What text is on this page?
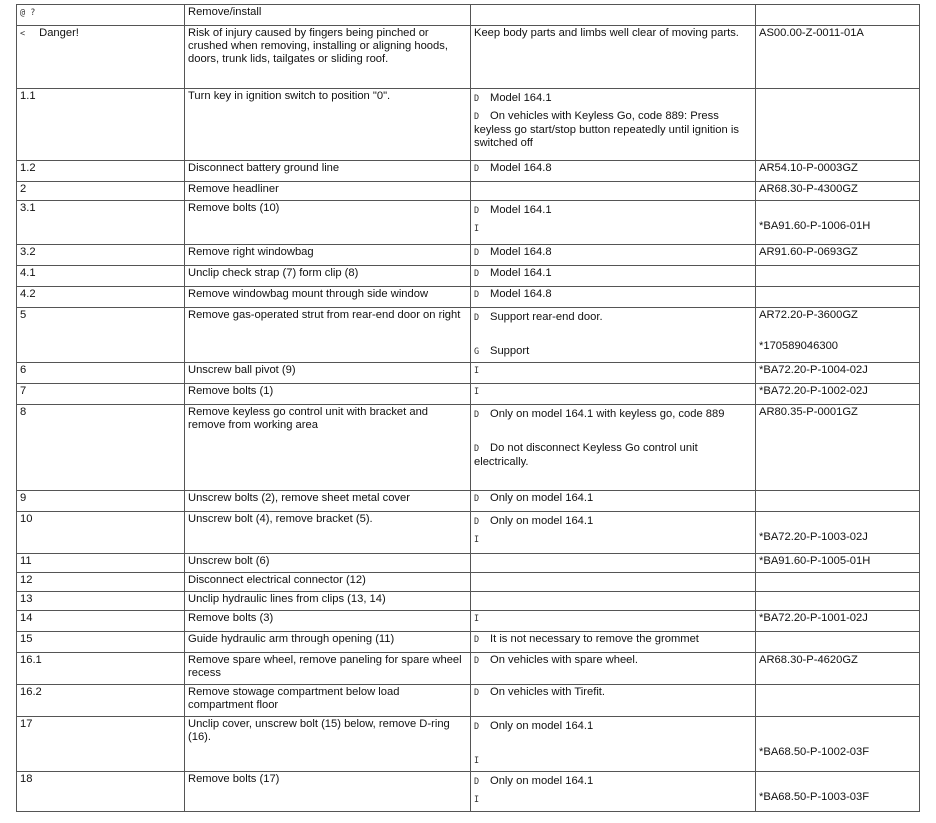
@ ?	Remove/install		
< Danger!	Risk of injury caused by fingers being pinched or crushed when removing, installing or aligning hoods, doors, trunk lids, tailgates or sliding roof.	Keep body parts and limbs well clear of moving parts.	AS00.00-Z-0011-01A
1.1	Turn key in ignition switch to position "0".	D Model 164.1
D On vehicles with Keyless Go, code 889: Press keyless go start/stop button repeatedly until ignition is switched off	

1.2	Disconnect battery ground line	D Model 164.8	AR54.10-P-0003GZ
2	Remove headliner		AR68.30-P-4300GZ
3.1	Remove bolts (10)	D Model 164.1
I	*BA91.60-P-1006-01H
3.2	Remove right windowbag	D Model 164.8	AR91.60-P-0693GZ
4.1	Unclip check strap (7) form clip (8)	D Model 164.1	
4.2	Remove windowbag mount through side window	D Model 164.8	
5	Remove gas-operated strut from rear-end door on right	D Support rear-end door.
G Support	AR72.20-P-3600GZ
*170589046300
6	Unscrew ball pivot (9)	I	*BA72.20-P-1004-02J
7	Remove bolts (1)	I	*BA72.20-P-1002-02J
8	Remove keyless go control unit with bracket and remove from working area	D Only on model 164.1 with keyless go, code 889
D Do not disconnect Keyless Go control unit electrically.	AR80.35-P-0001GZ
9	Unscrew bolts (2), remove sheet metal cover	D Only on model 164.1	
10	Unscrew bolt (4), remove bracket (5).	D Only on model 164.1
I	*BA72.20-P-1003-02J
11	Unscrew bolt (6)		*BA91.60-P-1005-01H
12	Disconnect electrical connector (12)		
13	Unclip hydraulic lines from clips (13, 14)		
14	Remove bolts (3)	I	*BA72.20-P-1001-02J
15	Guide hydraulic arm through opening (11)	D It is not necessary to remove the grommet	
16.1	Remove spare wheel, remove paneling for spare wheel recess	D On vehicles with spare wheel.	AR68.30-P-4620GZ
16.2	Remove stowage compartment below load compartment floor	D On vehicles with Tirefit.	
17	Unclip cover, unscrew bolt (15) below, remove D-ring (16).	D Only on model 164.1
I	*BA68.50-P-1002-03F
18	Remove bolts (17)	D Only on model 164.1
I	*BA68.50-P-1003-03F
